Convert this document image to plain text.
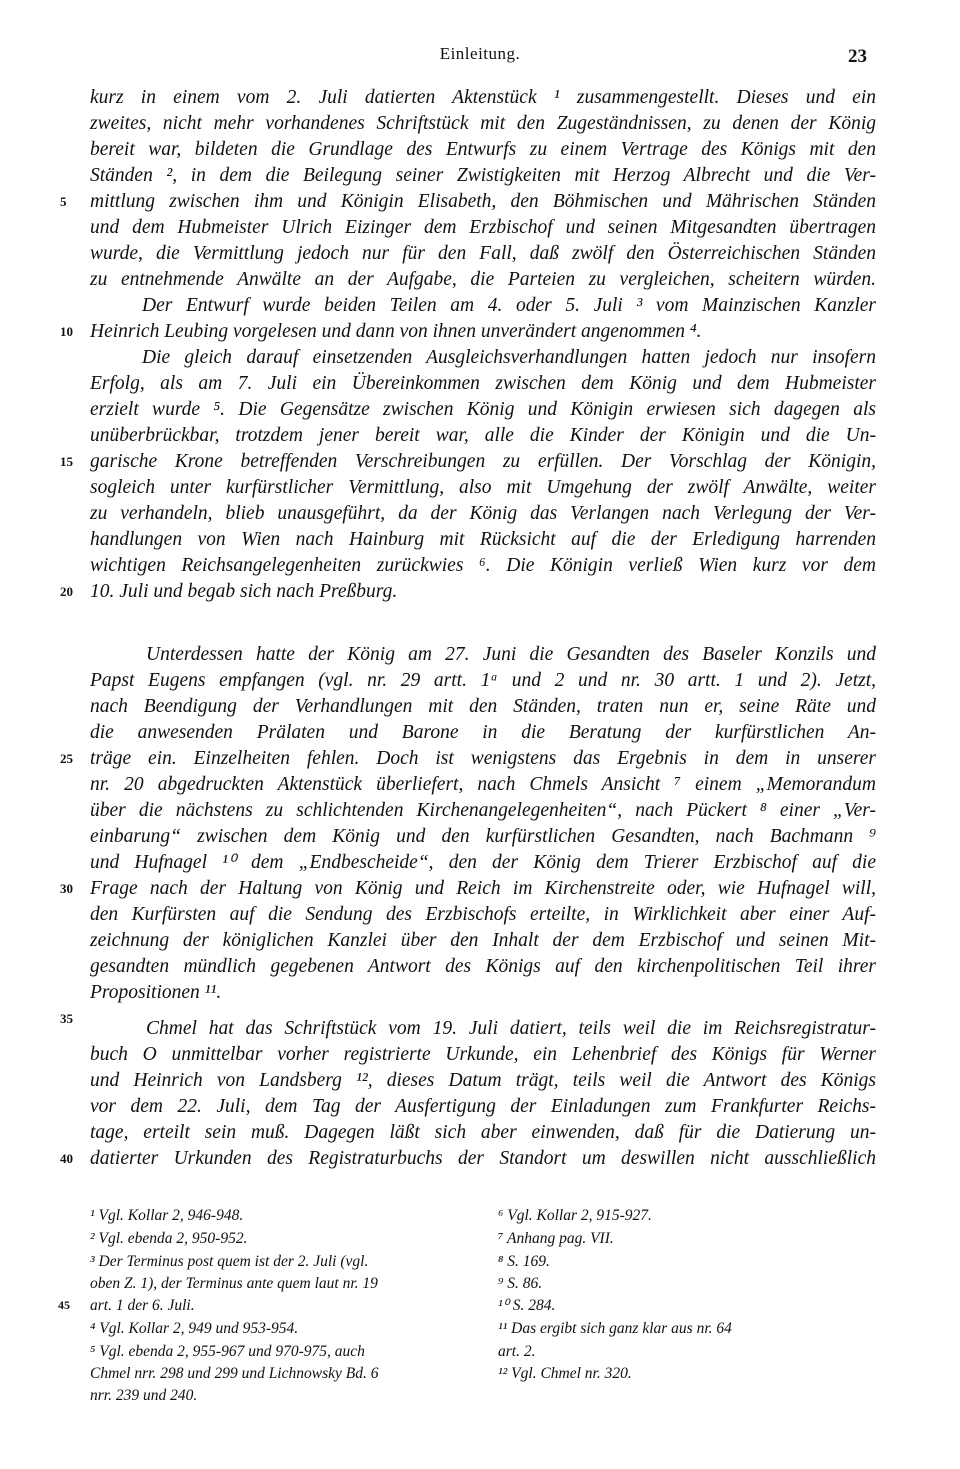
Einleitung.	23
kurz in einem vom 2. Juli datierten Aktenstück ¹ zusammengestellt. Dieses und ein
zweites, nicht mehr vorhandenes Schriftstück mit den Zugeständnissen, zu denen der König
bereit war, bildeten die Grundlage des Entwurfs zu einem Vertrage des Königs mit den
Ständen ², in dem die Beilegung seiner Zwistigkeiten mit Herzog Albrecht und die Ver-
mittlung zwischen ihm und Königin Elisabeth, den Böhmischen und Mährischen Ständen
und dem Hubmeister Ulrich Eizinger dem Erzbischof und seinen Mitgesandten übertragen
wurde, die Vermittlung jedoch nur für den Fall, daß zwölf den Österreichischen Ständen
zu entnehmende Anwälte an der Aufgabe, die Parteien zu vergleichen, scheitern würden.
Der Entwurf wurde beiden Teilen am 4. oder 5. Juli ³ vom Mainzischen Kanzler
Heinrich Leubing vorgelesen und dann von ihnen unverändert angenommen ⁴.
Die gleich darauf einsetzenden Ausgleichsverhandlungen hatten jedoch nur insofern
Erfolg, als am 7. Juli ein Übereinkommen zwischen dem König und dem Hubmeister
erzielt wurde ⁵. Die Gegensätze zwischen König und Königin erwiesen sich dagegen als
unüberbrückbar, trotzdem jener bereit war, alle die Kinder der Königin und die Un-
garische Krone betreffenden Verschreibungen zu erfüllen. Der Vorschlag der Königin,
sogleich unter kurfürstlicher Vermittlung, also mit Umgehung der zwölf Anwälte, weiter
zu verhandeln, blieb unausgeführt, da der König das Verlangen nach Verlegung der Ver-
handlungen von Wien nach Hainburg mit Rücksicht auf die der Erledigung harrenden
wichtigen Reichsangelegenheiten zurückwies ⁶. Die Königin verließ Wien kurz vor dem
10. Juli und begab sich nach Preßburg.
Unterdessen hatte der König am 27. Juni die Gesandten des Baseler Konzils und
Papst Eugens empfangen (vgl. nr. 29 artt. 1ᵃ und 2 und nr. 30 artt. 1 und 2). Jetzt,
nach Beendigung der Verhandlungen mit den Ständen, traten nun er, seine Räte und
die anwesenden Prälaten und Barone in die Beratung der kurfürstlichen An-
träge ein. Einzelheiten fehlen. Doch ist wenigstens das Ergebnis in dem in unserer
nr. 20 abgedruckten Aktenstück überliefert, nach Chmels Ansicht ⁷ einem „Memorandum
über die nächstens zu schlichtenden Kirchenangelegenheiten“, nach Pückert ⁸ einer „Ver-
einbarung“ zwischen dem König und den kurfürstlichen Gesandten, nach Bachmann ⁹
und Hufnagel ¹⁰ dem „Endbescheide“, den der König dem Trierer Erzbischof auf die
Frage nach der Haltung von König und Reich im Kirchenstreite oder, wie Hufnagel will,
den Kurfürsten auf die Sendung des Erzbischofs erteilte, in Wirklichkeit aber einer Auf-
zeichnung der königlichen Kanzlei über den Inhalt der dem Erzbischof und seinen Mit-
gesandten mündlich gegebenen Antwort des Königs auf den kirchenpolitischen Teil ihrer
Propositionen ¹¹.
Chmel hat das Schriftstück vom 19. Juli datiert, teils weil die im Reichsregistratur-
buch O unmittelbar vorher registrierte Urkunde, ein Lehenbrief des Königs für Werner
und Heinrich von Landsberg ¹², dieses Datum trägt, teils weil die Antwort des Königs
vor dem 22. Juli, dem Tag der Ausfertigung der Einladungen zum Frankfurter Reichs-
tage, erteilt sein muß. Dagegen läßt sich aber einwenden, daß für die Datierung un-
datierter Urkunden des Registraturbuchs der Standort um deswillen nicht ausschließlich
5
10
15
20
25
30
35
40
45
¹ Vgl. Kollar 2, 946-948.
² Vgl. ebenda 2, 950-952.
³ Der Terminus post quem ist der 2. Juli (vgl.
oben Z. 1), der Terminus ante quem laut nr. 19
art. 1 der 6. Juli.
⁴ Vgl. Kollar 2, 949 und 953-954.
⁵ Vgl. ebenda 2, 955-967 und 970-975, auch
Chmel nrr. 298 und 299 und Lichnowsky Bd. 6
nrr. 239 und 240.
⁶ Vgl. Kollar 2, 915-927.
⁷ Anhang pag. VII.
⁸ S. 169.
⁹ S. 86.
¹⁰ S. 284.
¹¹ Das ergibt sich ganz klar aus nr. 64
art. 2.
¹² Vgl. Chmel nr. 320.
